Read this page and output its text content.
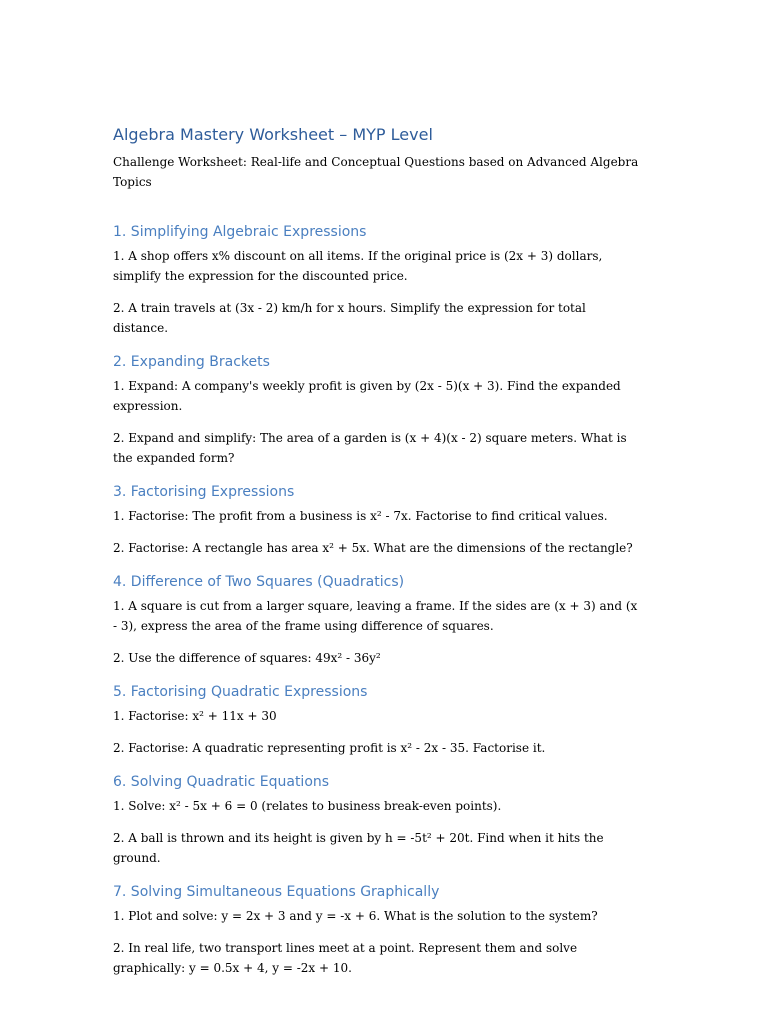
Algebra Mastery Worksheet – MYP Level
Challenge Worksheet: Real-life and Conceptual Questions based on Advanced Algebra Topics
1. Simplifying Algebraic Expressions
1. A shop offers x% discount on all items. If the original price is (2x + 3) dollars, simplify the expression for the discounted price.
2. A train travels at (3x - 2) km/h for x hours. Simplify the expression for total distance.
2. Expanding Brackets
1. Expand: A company's weekly profit is given by (2x - 5)(x + 3). Find the expanded expression.
2. Expand and simplify: The area of a garden is (x + 4)(x - 2) square meters. What is the expanded form?
3. Factorising Expressions
1. Factorise: The profit from a business is x² - 7x. Factorise to find critical values.
2. Factorise: A rectangle has area x² + 5x. What are the dimensions of the rectangle?
4. Difference of Two Squares (Quadratics)
1. A square is cut from a larger square, leaving a frame. If the sides are (x + 3) and (x - 3), express the area of the frame using difference of squares.
2. Use the difference of squares: 49x² - 36y²
5. Factorising Quadratic Expressions
1. Factorise: x² + 11x + 30
2. Factorise: A quadratic representing profit is x² - 2x - 35. Factorise it.
6. Solving Quadratic Equations
1. Solve: x² - 5x + 6 = 0 (relates to business break-even points).
2. A ball is thrown and its height is given by h = -5t² + 20t. Find when it hits the ground.
7. Solving Simultaneous Equations Graphically
1. Plot and solve: y = 2x + 3 and y = -x + 6. What is the solution to the system?
2. In real life, two transport lines meet at a point. Represent them and solve graphically: y = 0.5x + 4, y = -2x + 10.
